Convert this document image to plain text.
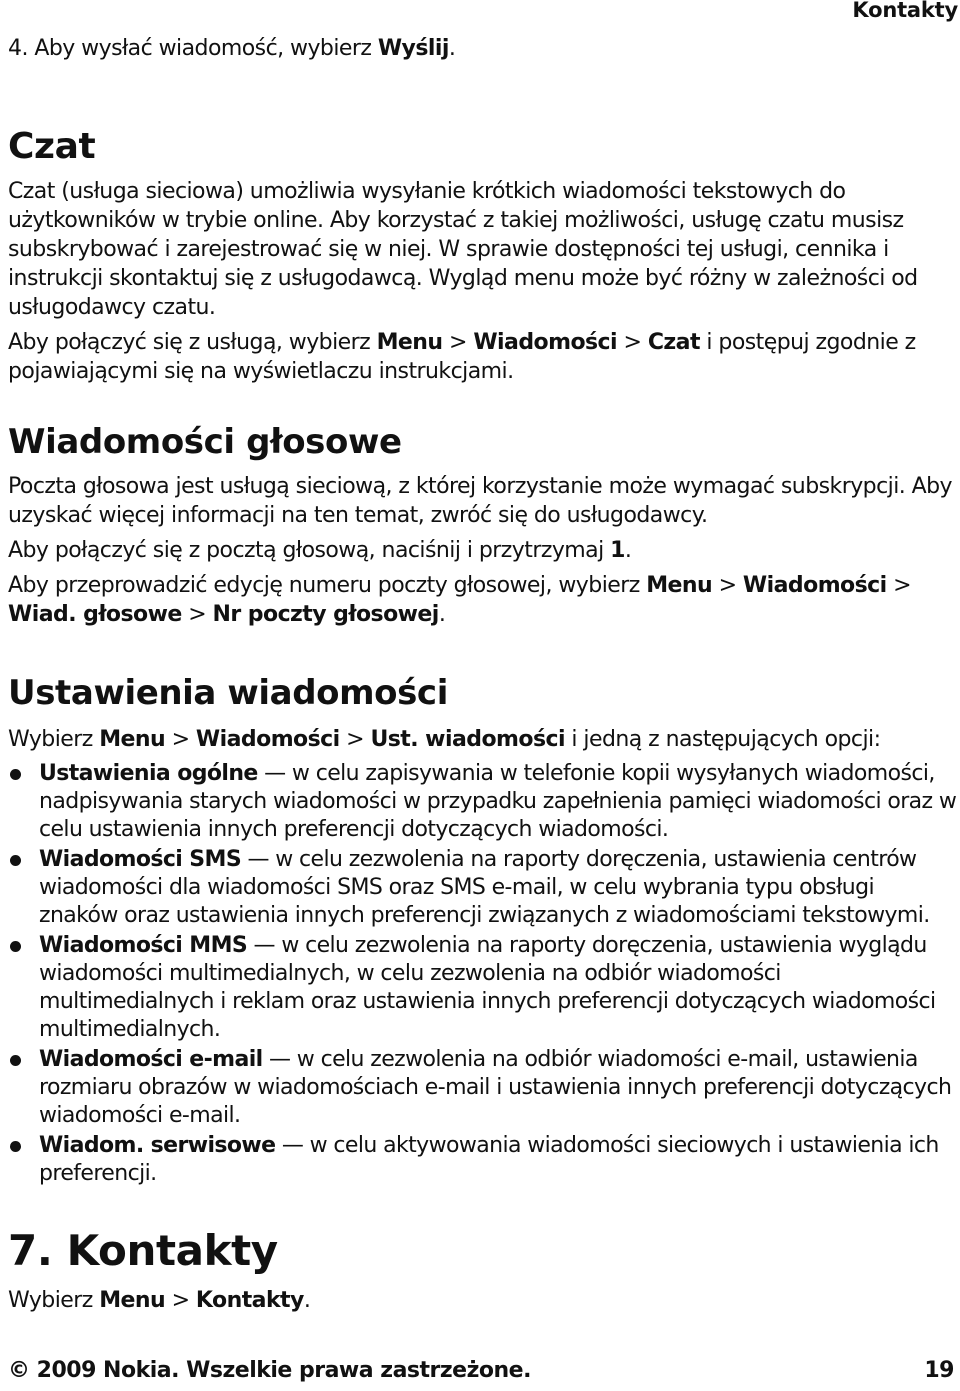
Kontakty

4. Aby wysłać wiadomość, wybierz Wyślij.

Czat

Czat (usługa sieciowa) umożliwia wysyłanie krótkich wiadomości tekstowych do użytkowników w trybie online. Aby korzystać z takiej możliwości, usługę czatu musisz subskrybować i zarejestrować się w niej. W sprawie dostępności tej usługi, cennika i instrukcji skontaktuj się z usługodawcą. Wygląd menu może być różny w zależności od usługodawcy czatu.

Aby połączyć się z usługą, wybierz Menu > Wiadomości > Czat i postępuj zgodnie z pojawiającymi się na wyświetlaczu instrukcjami.

Wiadomości głosowe

Poczta głosowa jest usługą sieciową, z której korzystanie może wymagać subskrypcji. Aby uzyskać więcej informacji na ten temat, zwróć się do usługodawcy.

Aby połączyć się z pocztą głosową, naciśnij i przytrzymaj 1.

Aby przeprowadzić edycję numeru poczty głosowej, wybierz Menu > Wiadomości > Wiad. głosowe > Nr poczty głosowej.

Ustawienia wiadomości

Wybierz Menu > Wiadomości > Ust. wiadomości i jedną z następujących opcji:

Ustawienia ogólne — w celu zapisywania w telefonie kopii wysyłanych wiadomości, nadpisywania starych wiadomości w przypadku zapełnienia pamięci wiadomości oraz w celu ustawienia innych preferencji dotyczących wiadomości.
Wiadomości SMS — w celu zezwolenia na raporty doręczenia, ustawienia centrów wiadomości dla wiadomości SMS oraz SMS e-mail, w celu wybrania typu obsługi znaków oraz ustawienia innych preferencji związanych z wiadomościami tekstowymi.
Wiadomości MMS — w celu zezwolenia na raporty doręczenia, ustawienia wyglądu wiadomości multimedialnych, w celu zezwolenia na odbiór wiadomości multimedialnych i reklam oraz ustawienia innych preferencji dotyczących wiadomości multimedialnych.
Wiadomości e-mail — w celu zezwolenia na odbiór wiadomości e-mail, ustawienia rozmiaru obrazów w wiadomościach e-mail i ustawienia innych preferencji dotyczących wiadomości e-mail.
Wiadom. serwisowe — w celu aktywowania wiadomości sieciowych i ustawienia ich preferencji.
7. Kontakty

Wybierz Menu > Kontakty.

© 2009 Nokia. Wszelkie prawa zastrzeżone.	19
